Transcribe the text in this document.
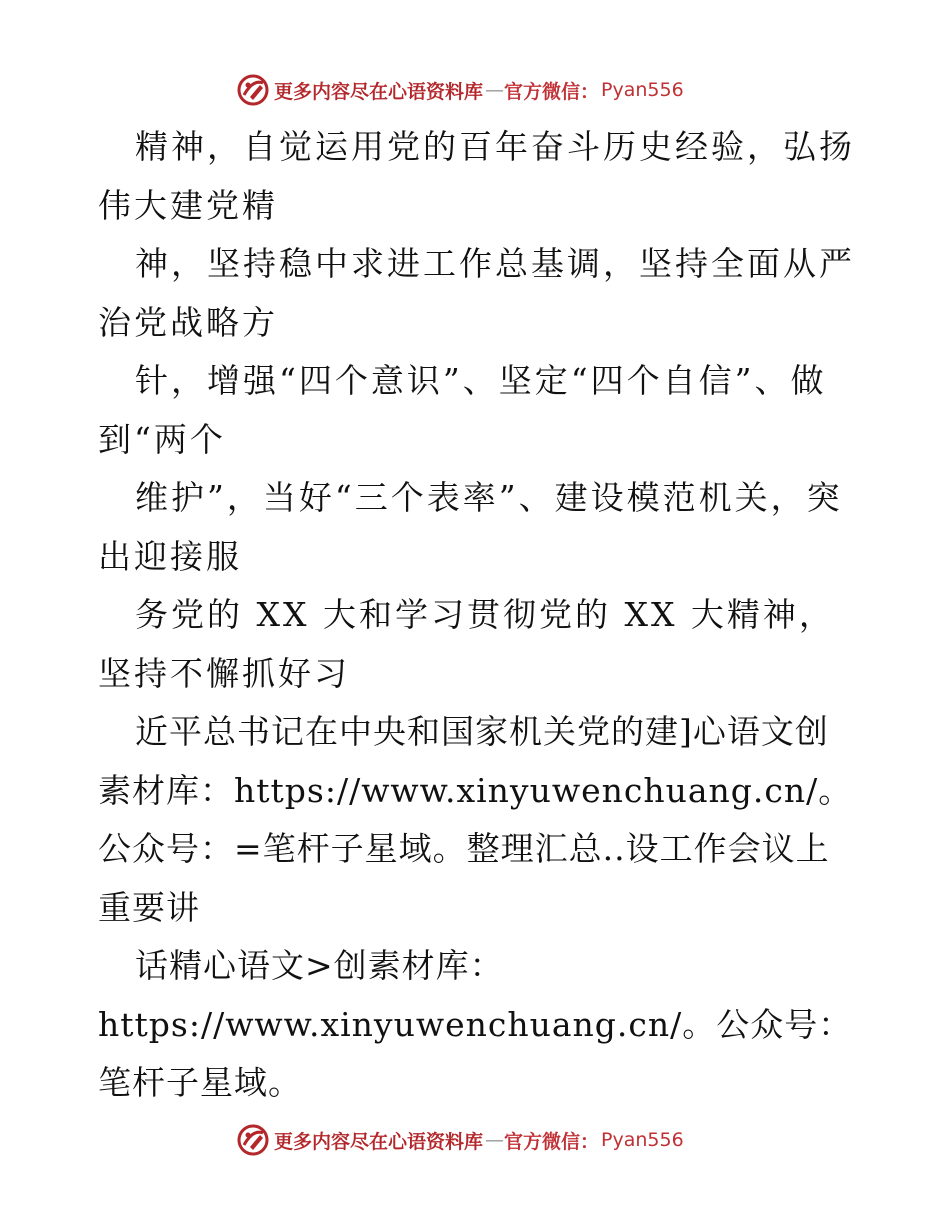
更多内容尽在心语资料库 — 官方微信： Pyan556

精神，自觉运用党的百年奋斗历史经验，弘扬伟大建党精

神，坚持稳中求进工作总基调，坚持全面从严治党战略方

针，增强“四个意识”、坚定“四个自信”、做到“两个

维护”，当好“三个表率”、建设模范机关，突出迎接服

务党的 XX 大和学习贯彻党的 XX 大精神，坚持不懈抓好习

近平总书记在中央和国家机关党的建]心语文创素材库：https://www.xinyuwenchuang.cn/。公众号：=笔杆子星域。整理汇总..设工作会议上重要讲

话精心语文>创素材库：https://www.xinyuwenchuang.cn/。公众号：笔杆子星域。

更多内容尽在心语资料库 — 官方微信： Pyan556
